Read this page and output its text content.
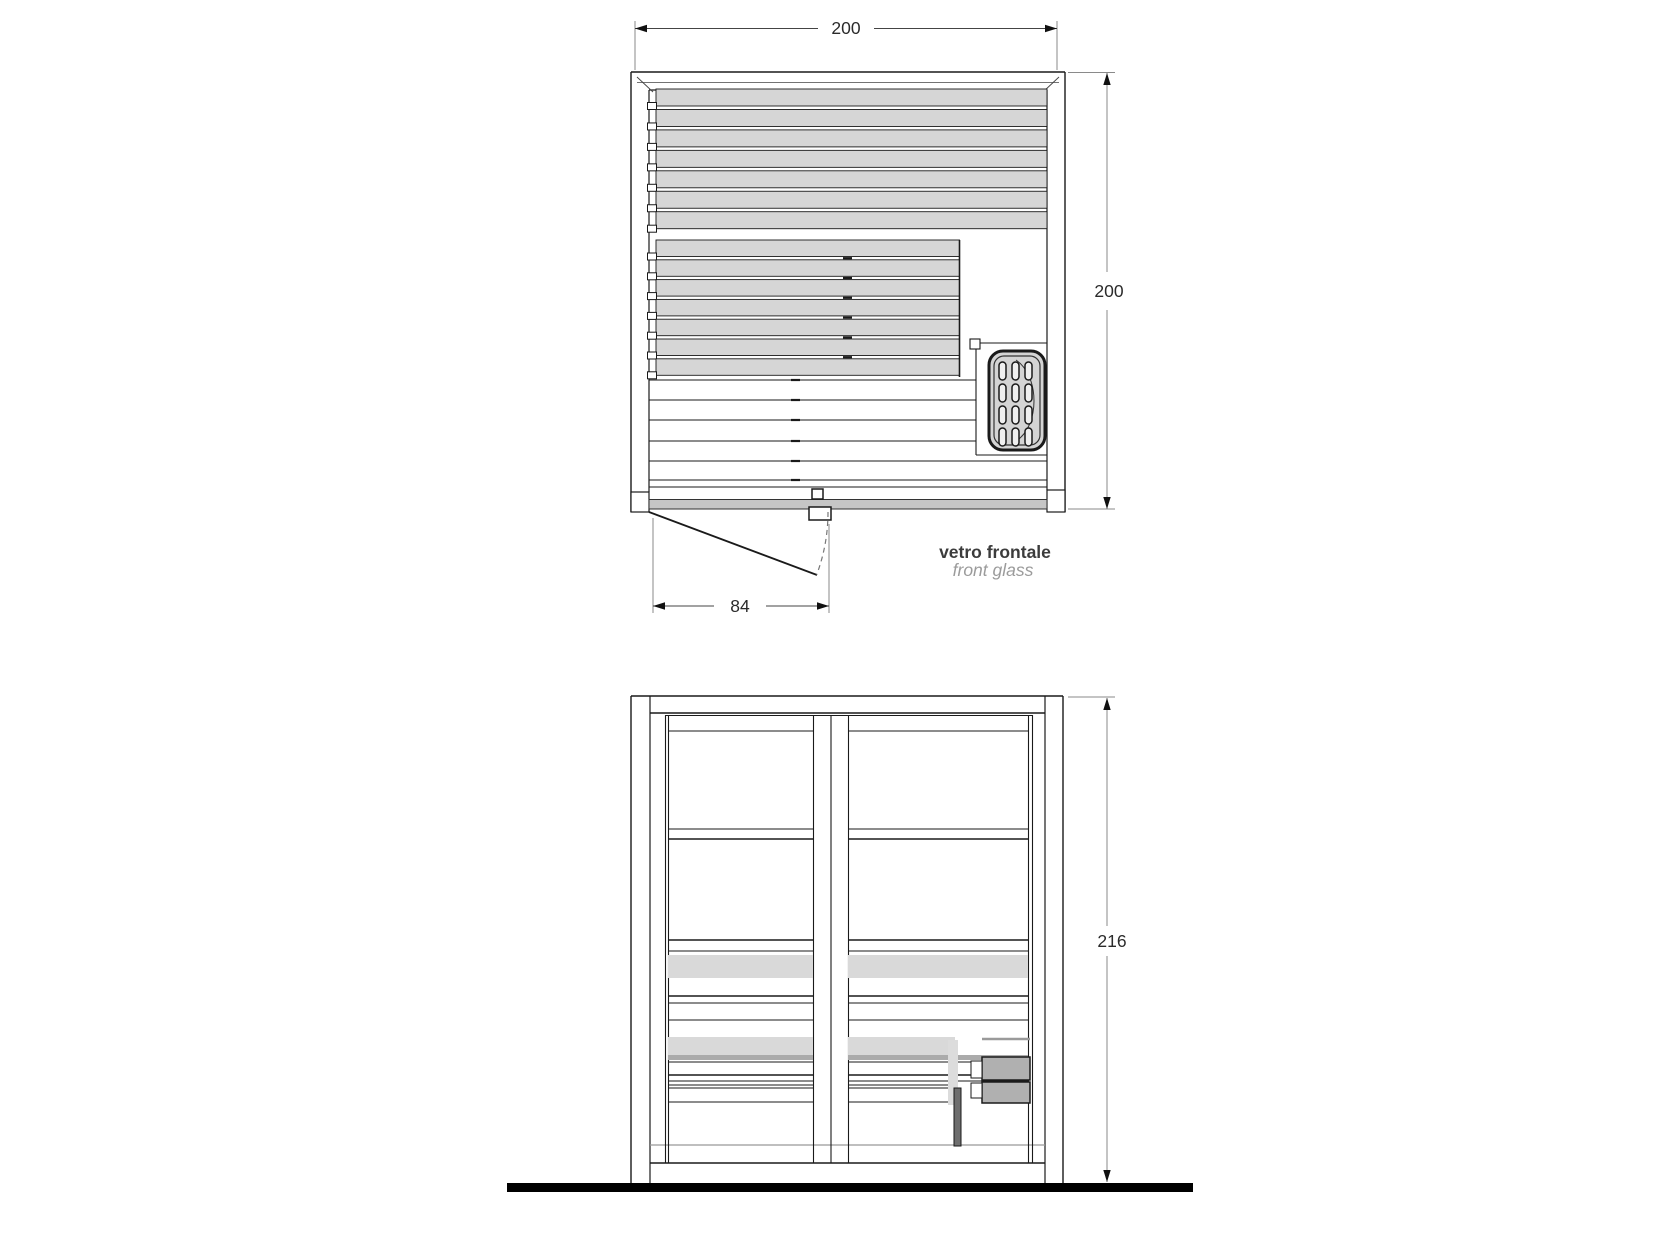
200
200
84
vetro frontale
front glass
216
